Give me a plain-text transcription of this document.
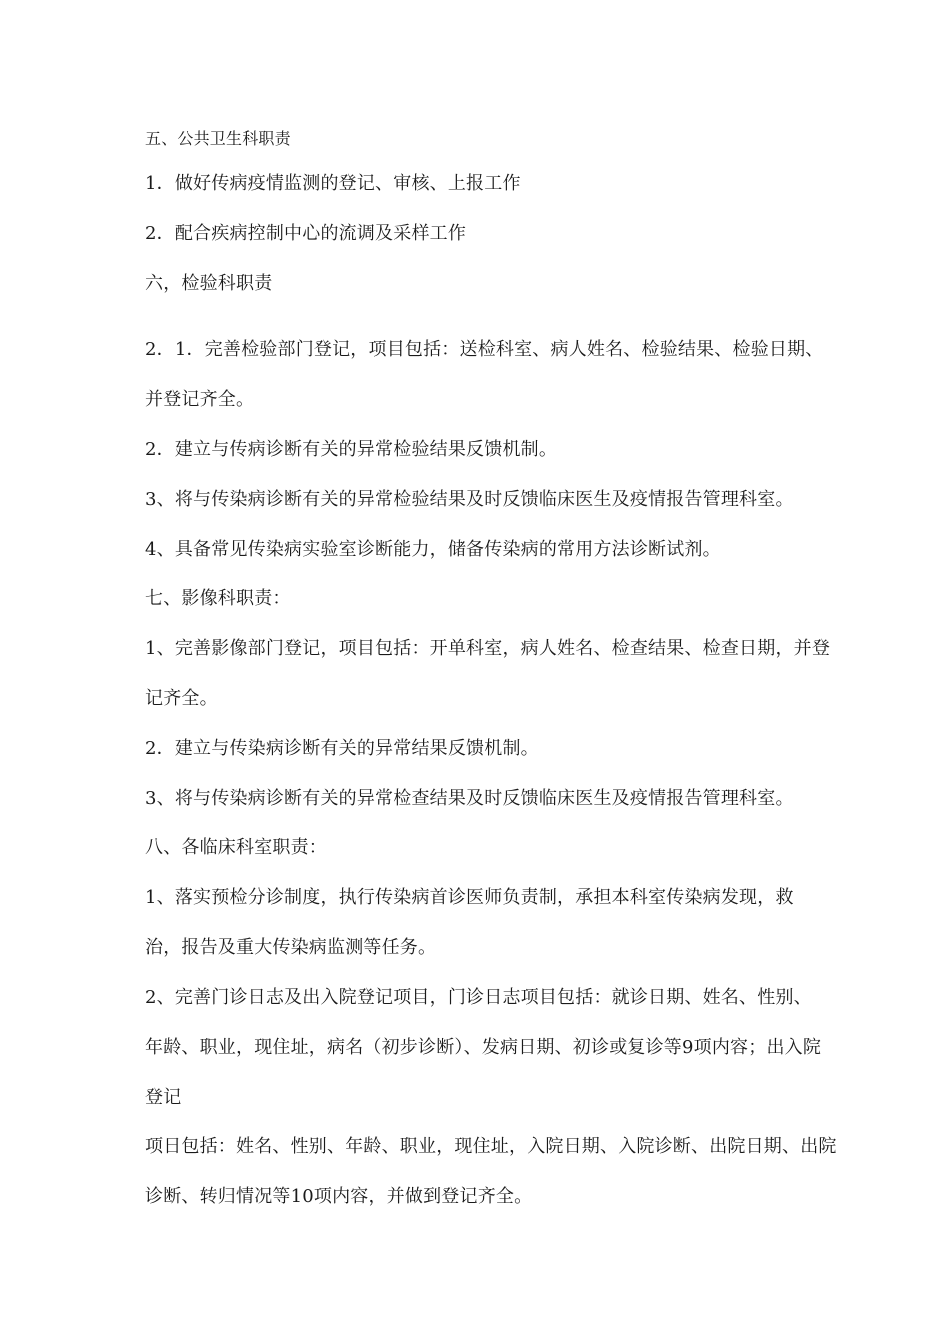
五、公共卫生科职责
1．做好传病疫情监测的登记、审核、上报工作
2．配合疾病控制中心的流调及采样工作
六，检验科职责
2．1．完善检验部门登记，项目包括：送检科室、病人姓名、检验结果、检验日期、
并登记齐全。
2．建立与传病诊断有关的异常检验结果反馈机制。
3、将与传染病诊断有关的异常检验结果及时反馈临床医生及疫情报告管理科室。
4、具备常见传染病实验室诊断能力，储备传染病的常用方法诊断试剂。
七、影像科职责：
1、完善影像部门登记，项目包括：开单科室，病人姓名、检查结果、检查日期，并登
记齐全。
2．建立与传染病诊断有关的异常结果反馈机制。
3、将与传染病诊断有关的异常检查结果及时反馈临床医生及疫情报告管理科室。
八、各临床科室职责：
1、落实预检分诊制度，执行传染病首诊医师负责制，承担本科室传染病发现，救
治，报告及重大传染病监测等任务。
2、完善门诊日志及出入院登记项目，门诊日志项目包括：就诊日期、姓名、性别、
年龄、职业，现住址，病名（初步诊断）、发病日期、初诊或复诊等9项内容；出入院
登记
项日包括：姓名、性别、年龄、职业，现住址，入院日期、入院诊断、出院日期、出院
诊断、转归情况等10项内容，并做到登记齐全。
